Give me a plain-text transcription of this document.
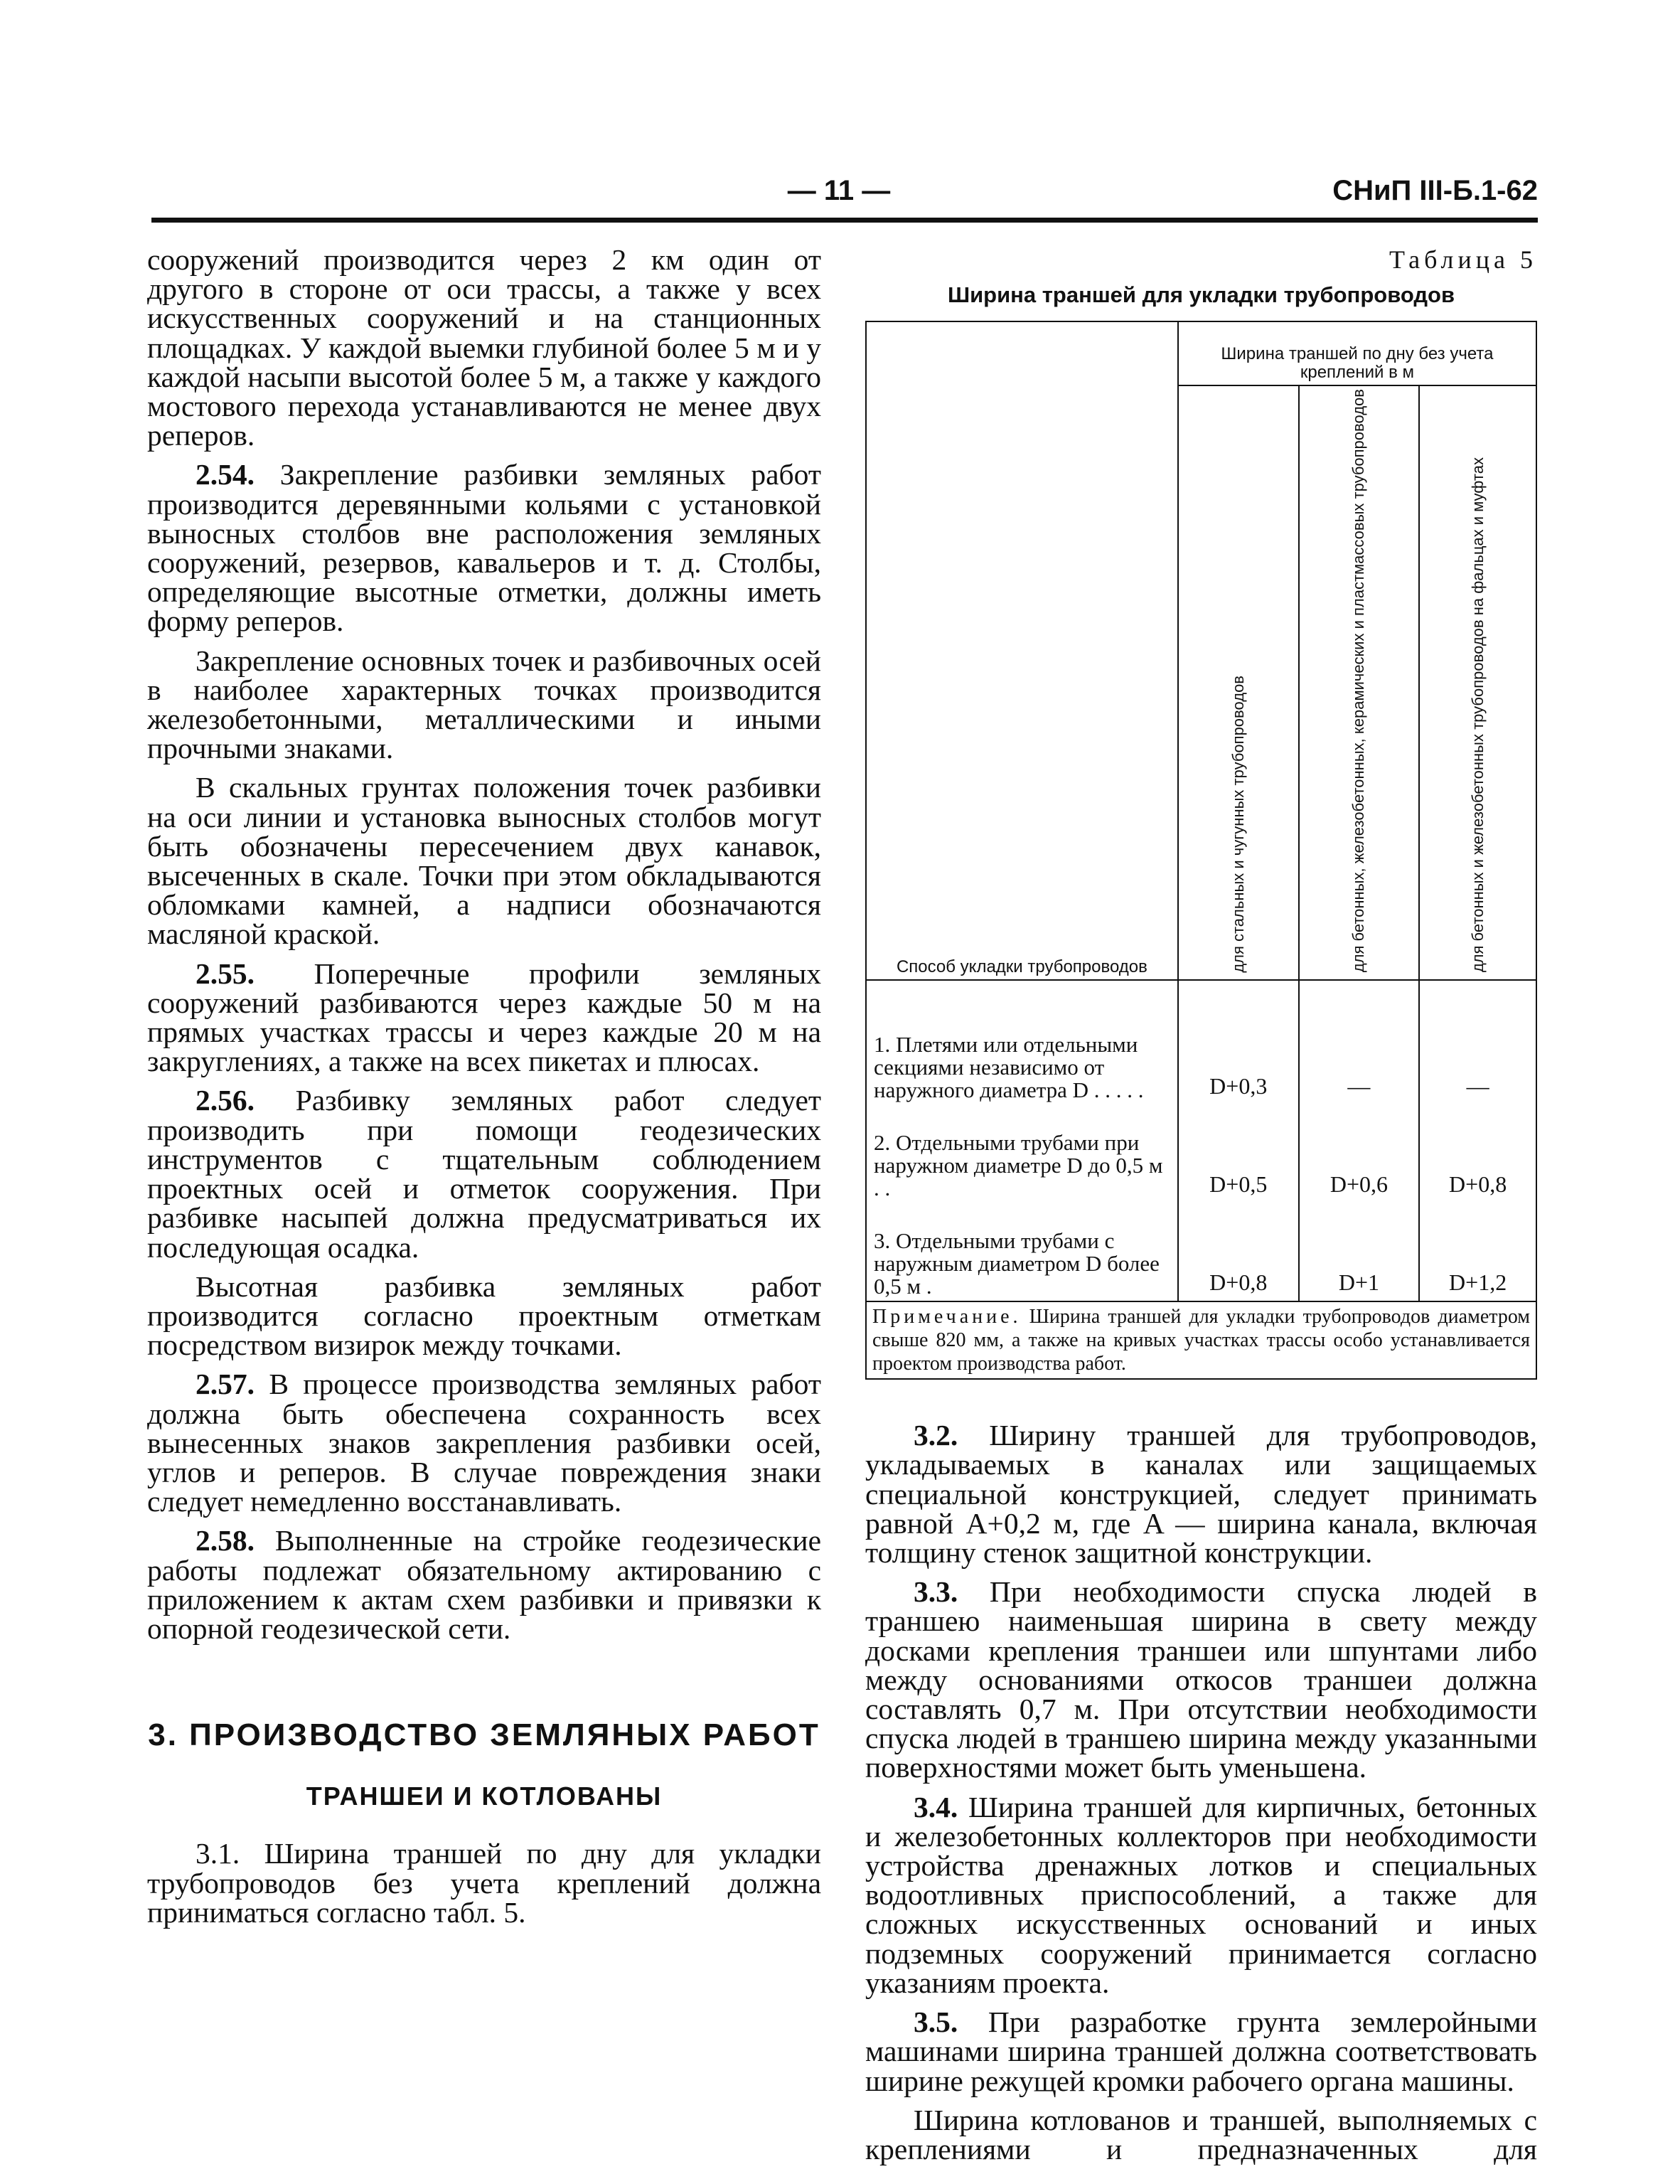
— 11 —	СНиП III-Б.1-62

сооружений производится через 2 км один от другого в стороне от оси трассы, а также у всех искусственных сооружений и на станционных площадках. У каждой выемки глубиной более 5 м и у каждой насыпи высотой более 5 м, а также у каждого мостового перехода устанавливаются не менее двух реперов.

2.54. Закрепление разбивки земляных работ производится деревянными кольями с установкой выносных столбов вне расположения земляных сооружений, резервов, кавальеров и т. д. Столбы, определяющие высотные отметки, должны иметь форму реперов.

Закрепление основных точек и разбивочных осей в наиболее характерных точках производится железобетонными, металлическими и иными прочными знаками.

В скальных грунтах положения точек разбивки на оси линии и установка выносных столбов могут быть обозначены пересечением двух канавок, высеченных в скале. Точки при этом обкладываются обломками камней, а надписи обозначаются масляной краской.

2.55. Поперечные профили земляных сооружений разбиваются через каждые 50 м на прямых участках трассы и через каждые 20 м на закруглениях, а также на всех пикетах и плюсах.

2.56. Разбивку земляных работ следует производить при помощи геодезических инструментов с тщательным соблюдением проектных осей и отметок сооружения. При разбивке насыпей должна предусматриваться их последующая осадка.

Высотная разбивка земляных работ производится согласно проектным отметкам посредством визирок между точками.

2.57. В процессе производства земляных работ должна быть обеспечена сохранность всех вынесенных знаков закрепления разбивки осей, углов и реперов. В случае повреждения знаки следует немедленно восстанавливать.

2.58. Выполненные на стройке геодезические работы подлежат обязательному актированию с приложением к актам схем разбивки и привязки к опорной геодезической сети.

3. ПРОИЗВОДСТВО ЗЕМЛЯНЫХ РАБОТ
ТРАНШЕИ И КОТЛОВАНЫ

3.1. Ширина траншей по дну для укладки трубопроводов без учета креплений должна приниматься согласно табл. 5.

Таблица 5
Ширина траншей для укладки трубопроводов
Способ укладки трубопроводов	Ширина траншей по дну без учета креплений в м		
	для стальных и чугунных трубопроводов	для бетонных, железобетонных, керамических и пластмассовых трубопроводов	для бетонных и железобетонных трубопроводов на фальцах и муфтах
1. Плетями или отдельными секциями независимо от наружного диаметра D . . . . .	D+0,3	—	—
2. Отдельными трубами при наружном диаметре D до 0,5 м . .	D+0,5	D+0,6	D+0,8
3. Отдельными трубами с наружным диаметром D более 0,5 м .	D+0,8	D+1	D+1,2
Примечание. Ширина траншей для укладки трубопроводов диаметром свыше 820 мм, а также на кривых участках трассы особо устанавливается проектом производства работ.			

3.2. Ширину траншей для трубопроводов, укладываемых в каналах или защищаемых специальной конструкцией, следует принимать равной A+0,2 м, где A — ширина канала, включая толщину стенок защитной конструкции.

3.3. При необходимости спуска людей в траншею наименьшая ширина в свету между досками крепления траншеи или шпунтами либо между основаниями откосов траншеи должна составлять 0,7 м. При отсутствии необходимости спуска людей в траншею ширина между указанными поверхностями может быть уменьшена.

3.4. Ширина траншей для кирпичных, бетонных и железобетонных коллекторов при необходимости устройства дренажных лотков и специальных водоотливных приспособлений, а также для сложных искусственных оснований и иных подземных сооружений принимается согласно указаниям проекта.

3.5. При разработке грунта землеройными машинами ширина траншей должна соответствовать ширине режущей кромки рабочего органа машины.

Ширина котлованов и траншей, выполняемых с креплениями и предназначенных для
